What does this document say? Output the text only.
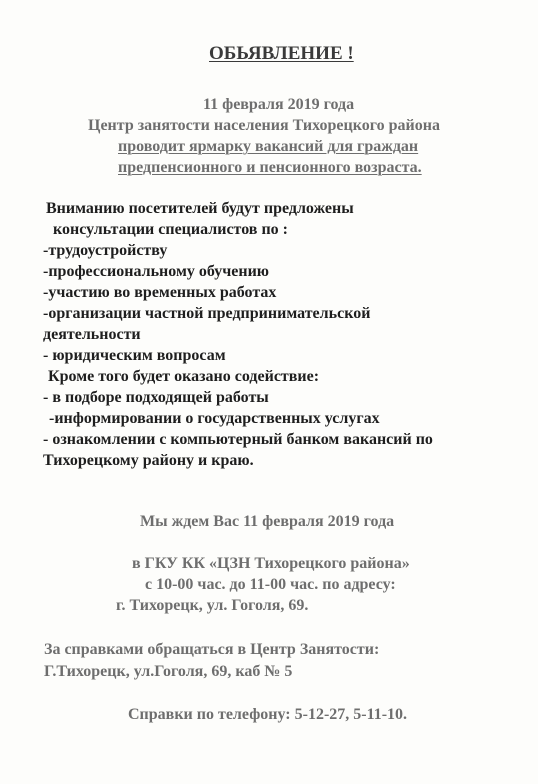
ОБЬЯВЛЕНИЕ !
11 февраля 2019 года
Центр занятости населения Тихорецкого района
проводит ярмарку вакансий для граждан
предпенсионного и пенсионного возраста.
Вниманию посетителей будут предложены
консультации специалистов по :
-трудоустройству
-профессиональному обучению
-участию во временных работах
-организации частной предпринимательской
деятельности
- юридическим вопросам
Кроме того будет оказано содействие:
- в подборе подходящей работы
-информировании о государственных услугах
- ознакомлении с компьютерный банком вакансий по
Тихорецкому району и краю.
Мы ждем Вас 11 февраля 2019 года
в ГКУ КК «ЦЗН Тихорецкого района»
с 10-00 час. до 11-00 час. по адресу:
г. Тихорецк, ул. Гоголя, 69.
За справками обращаться в Центр Занятости:
Г.Тихорецк, ул.Гоголя, 69, каб № 5
Справки по телефону: 5-12-27, 5-11-10.
